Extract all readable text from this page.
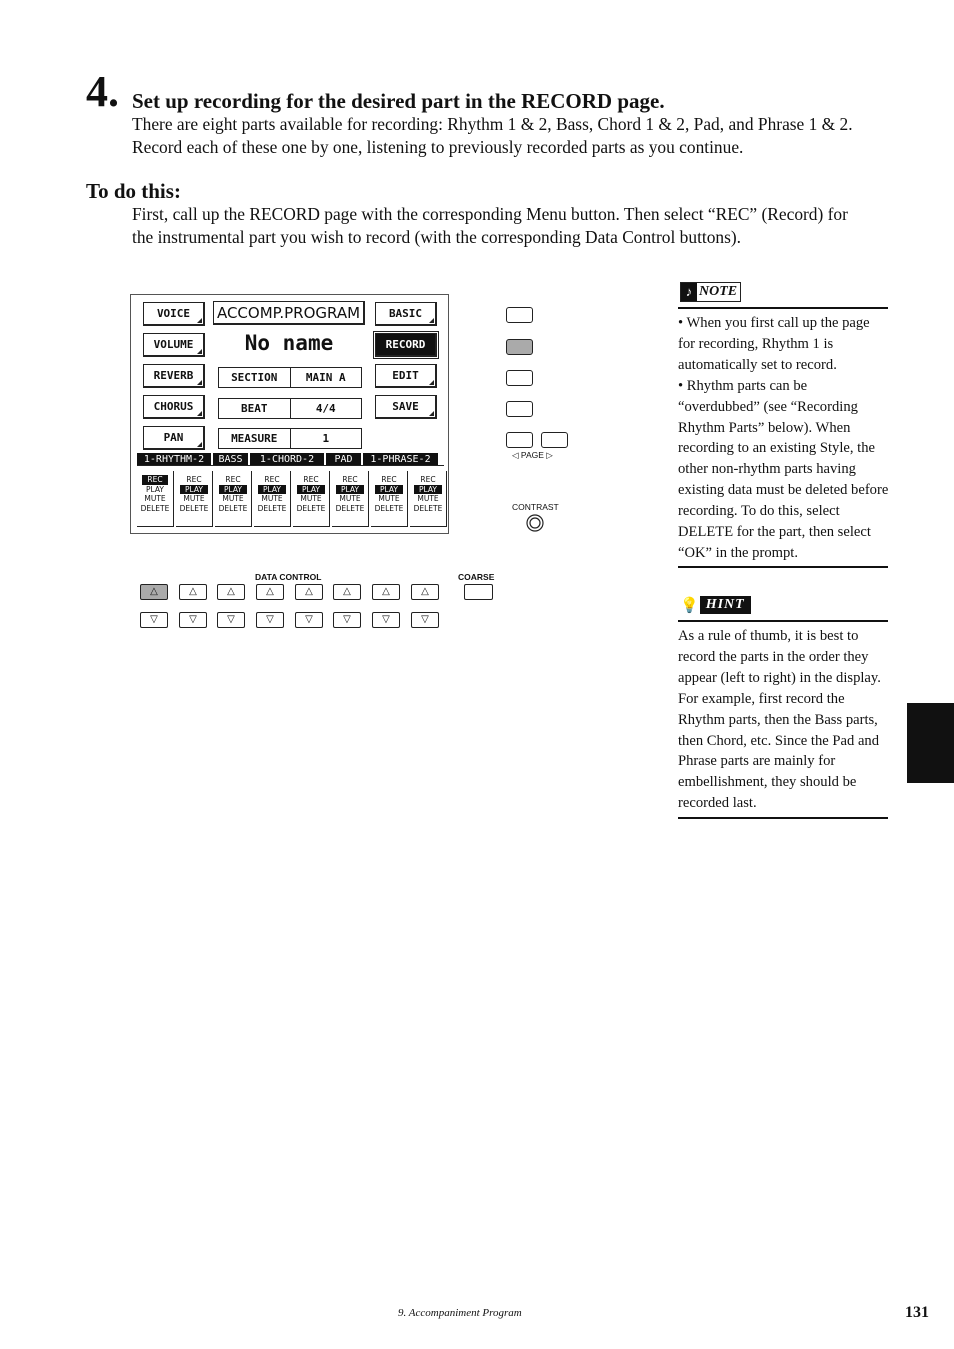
4. Set up recording for the desired part in the RECORD page.
There are eight parts available for recording: Rhythm 1 & 2, Bass, Chord 1 & 2, Pad, and Phrase 1 & 2. Record each of these one by one, listening to previously recorded parts as you continue.
To do this:
First, call up the RECORD page with the corresponding Menu button. Then select “REC” (Record) for the instrumental part you wish to record (with the corresponding Data Control buttons).
VOICE
VOLUME
REVERB
CHORUS
PAN
ACCOMP.PROGRAM
No name
SECTION	MAIN A
BEAT	4/4
MEASURE	1
BASIC
RECORD
EDIT
SAVE
1-RHYTHM-2	BASS	1-CHORD-2	PAD	1-PHRASE-2
REC
PLAY
MUTE
DELETE
REC
PLAY
MUTE
DELETE
REC
PLAY
MUTE
DELETE
REC
PLAY
MUTE
DELETE
REC
PLAY
MUTE
DELETE
REC
PLAY
MUTE
DELETE
REC
PLAY
MUTE
DELETE
REC
PLAY
MUTE
DELETE
◁ PAGE ▷
CONTRAST
DATA CONTROL	COARSE
△	△	△	△	△	△	△	△
▽	▽	▽	▽	▽	▽	▽	▽
♪ NOTE
• When you first call up the page for recording, Rhythm 1 is automatically set to record.
• Rhythm parts can be “overdubbed” (see “Recording Rhythm Parts” below). When recording to an existing Style, the other non-rhythm parts having existing data must be deleted before recording. To do this, select DELETE for the part, then select “OK” in the prompt.
💡 HINT
As a rule of thumb, it is best to record the parts in the order they appear (left to right) in the display. For example, first record the Rhythm parts, then the Bass parts, then Chord, etc. Since the Pad and Phrase parts are mainly for embellishment, they should be recorded last.
9. Accompaniment Program	131
